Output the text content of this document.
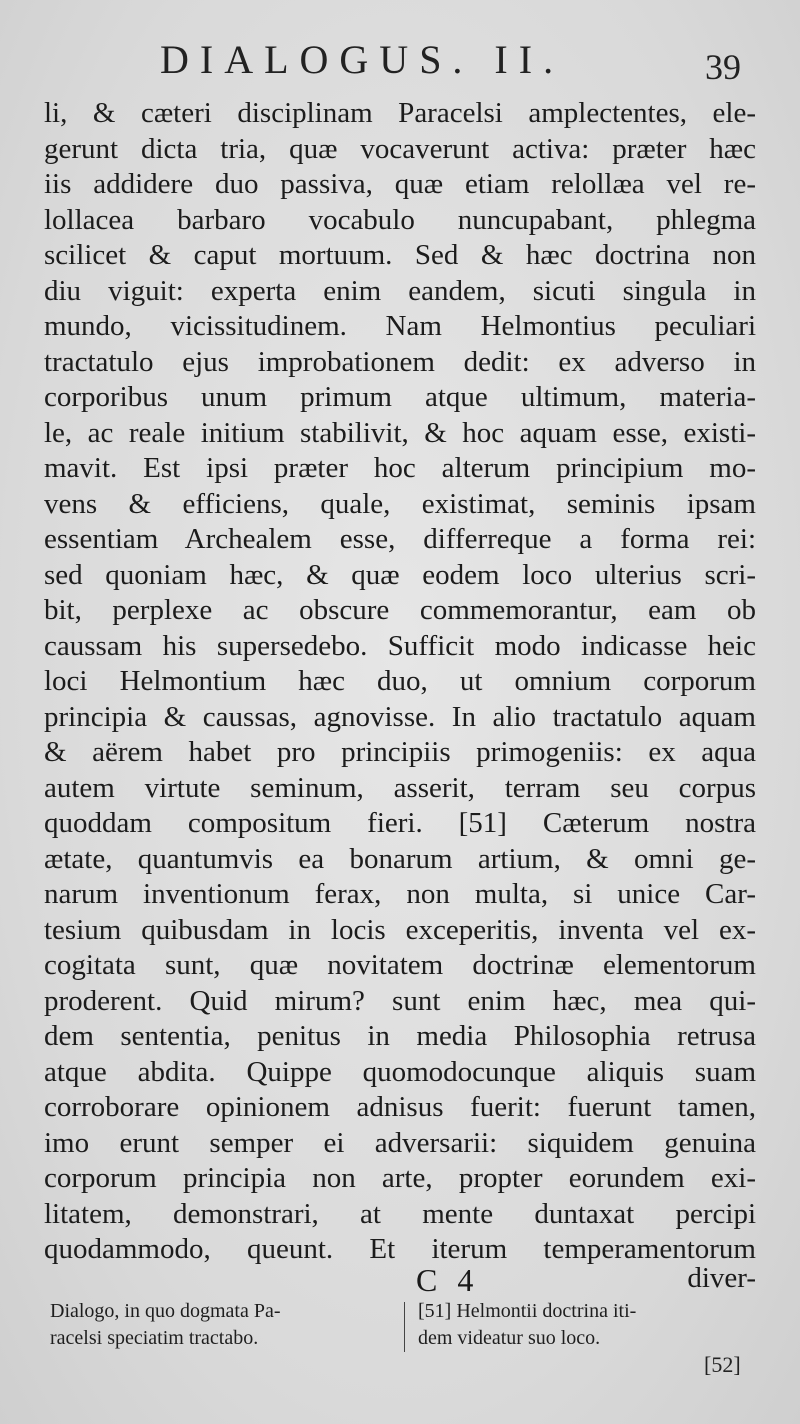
DIALOGUS. II.	39
li, & cæteri disciplinam Paracelsi amplectentes, ele-
gerunt dicta tria, quæ vocaverunt activa: præter hæc
iis addidere duo passiva, quæ etiam relollæa vel re-
lollacea barbaro vocabulo nuncupabant, phlegma
scilicet & caput mortuum. Sed & hæc doctrina non
diu viguit: experta enim eandem, sicuti singula in
mundo, vicissitudinem. Nam Helmontius peculiari
tractatulo ejus improbationem dedit: ex adverso in
corporibus unum primum atque ultimum, materia-
le, ac reale initium stabilivit, & hoc aquam esse, existi-
mavit. Est ipsi præter hoc alterum principium mo-
vens & efficiens, quale, existimat, seminis ipsam
essentiam Archealem esse, differreque a forma rei:
sed quoniam hæc, & quæ eodem loco ulterius scri-
bit, perplexe ac obscure commemorantur, eam ob
caussam his supersedebo. Sufficit modo indicasse heic
loci Helmontium hæc duo, ut omnium corporum
principia & caussas, agnovisse. In alio tractatulo aquam
& aërem habet pro principiis primogeniis: ex aqua
autem virtute seminum, asserit, terram seu corpus
quoddam compositum fieri. [51] Cæterum nostra
ætate, quantumvis ea bonarum artium, & omni ge-
narum inventionum ferax, non multa, si unice Car-
tesium quibusdam in locis exceperitis, inventa vel ex-
cogitata sunt, quæ novitatem doctrinæ elementorum
proderent. Quid mirum? sunt enim hæc, mea qui-
dem sententia, penitus in media Philosophia retrusa
atque abdita. Quippe quomodocunque aliquis suam
corroborare opinionem adnisus fuerit: fuerunt tamen,
imo erunt semper ei adversarii: siquidem genuina
corporum principia non arte, propter eorundem exi-
litatem, demonstrari, at mente duntaxat percipi
quodammodo, queunt. Et iterum temperamentorum
C 4	diver-
Dialogo, in quo dogmata Pa-
racelsi speciatim tractabo.
[51] Helmontii doctrina iti-
dem videatur suo loco.
[52]
